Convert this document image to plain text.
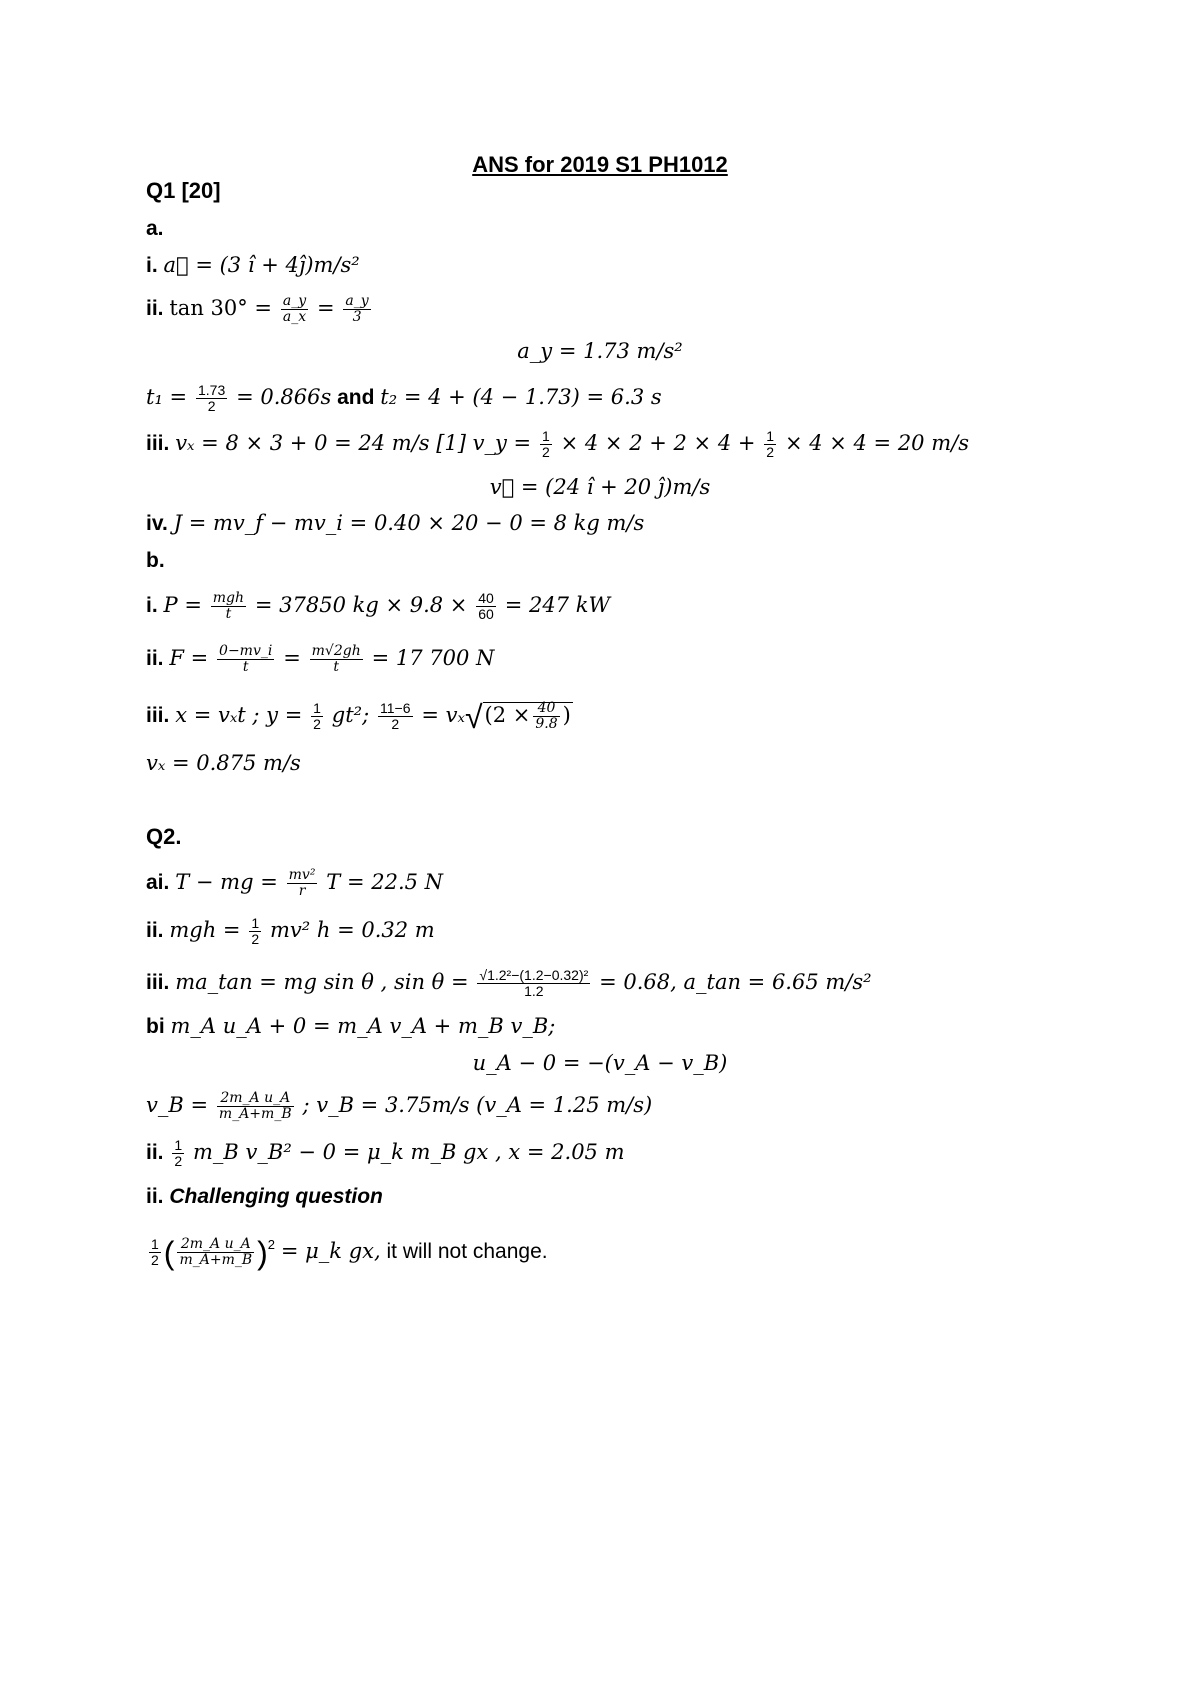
ANS for 2019 S1 PH1012
Q1 [20]
a.
i. a⃗ = (3 î + 4ĵ)m/s²
ii. $\tan 30^\circ = \frac{a\_y}{a\_x} = \frac{a\_y}{3}$
a_y = 1.73 m/s²
$t_1 = \frac{1.73}{2} = 0.866s$ and t₂ = 4 + (4 − 1.73) = 6.3 s
iii. vₓ = 8 × 3 + 0 = 24 m/s [1] v_y = $\frac{1}{2} \times 4 \times 2 + 2 \times 4 + \frac{1}{2} \times 4 \times 4 = 20$ m/s
v⃗ = (24 î + 20 ĵ)m/s
iv. J = mv_f − mv_i = 0.40 × 20 − 0 = 8 kg m/s
b.
i. $P = \frac{\text{mgh}}{t} = 37850$ kg × $9.8 \times \frac{40}{60} = 247$ kW
ii. $F = \frac{0-mv\_i}{t} = \frac{m√2gh}{t} = 17$ 700 N
iii. x = vₓt ; $y = \frac{1}{2} gt^2$; $\frac{11-6}{2} = v_x√(2 \times \frac{40}{9.8}$ )
vₓ = 0.875 m/s
Q2.
ai. T − mg = $\frac{\text{mv²}}{r}$ T = 22.5 N
ii. mgh = $\frac{1}{2} mv^2$ h = 0.32 m
iii. ma_tan = mg sin θ , $\sin \theta = \frac{\text{√1.2²−(1.2−0.32)²}}{1.2} = 0.68$, a_tan = 6.65 m/s²
bi m_A u_A + 0 = m_A v_A + m_B v_B;
u_A − 0 = −(v_A − v_B)
v_B = $\frac{\text{2m\_A u\_A}}{m\_A+m\_B}$ ; v_B = 3.75m/s (v_A = 1.25 m/s)
ii. $\frac{1}{2}$ m_B v_B² − 0 = μ_k m_B gx , x = 2.05 m
ii. Challenging question
$\frac{1}{2}$ ( $\frac{\text{2m\_A u\_A}}{m\_A+m\_B} )^2$ = μ_k gx, it will not change.
